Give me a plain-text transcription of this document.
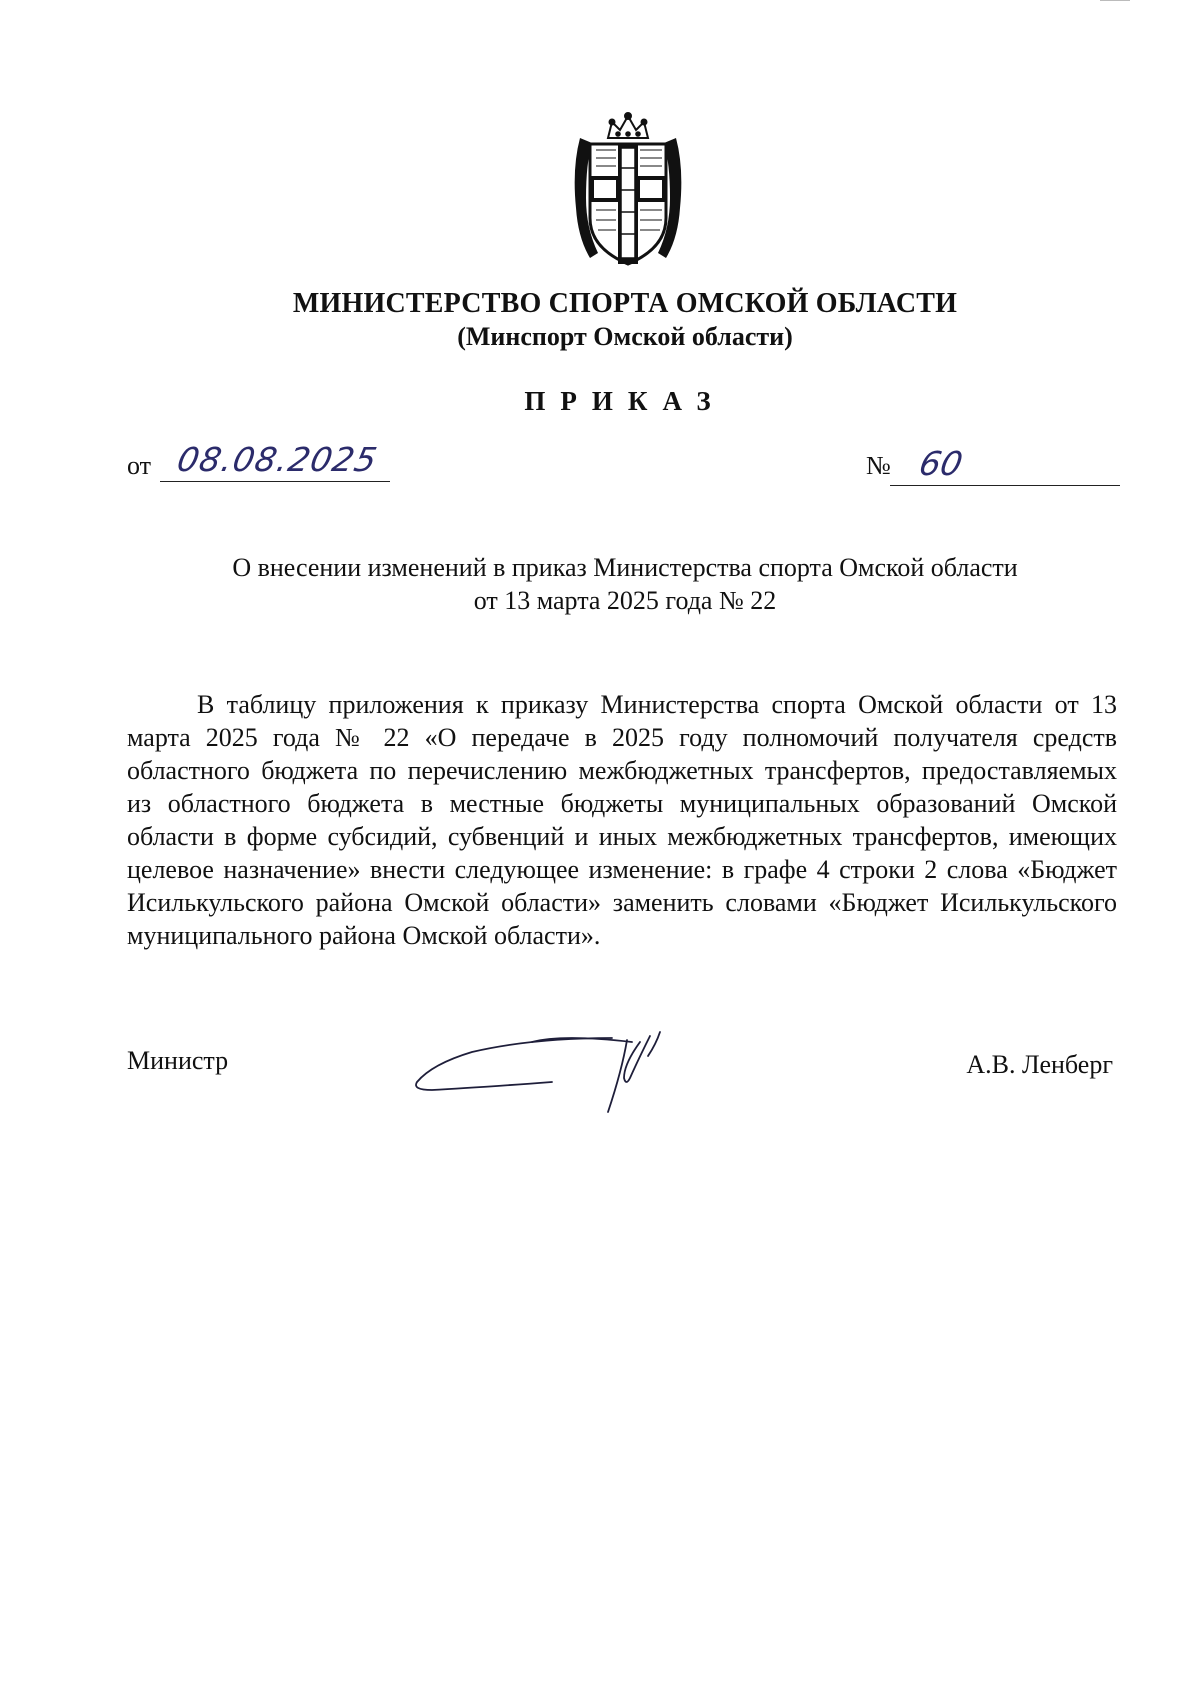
МИНИСТЕРСТВО СПОРТА ОМСКОЙ ОБЛАСТИ
(Минспорт Омской области)
ПРИКАЗ
от 08.08.2025	№ 60
О внесении изменений в приказ Министерства спорта Омской области
от 13 марта 2025 года № 22

В таблицу приложения к приказу Министерства спорта Омской области от 13 марта 2025 года № 22 «О передаче в 2025 году полномочий получателя средств областного бюджета по перечислению межбюджетных трансфертов, предоставляемых из областного бюджета в местные бюджеты муниципальных образований Омской области в форме субсидий, субвенций и иных межбюджетных трансфертов, имеющих целевое назначение» внести следующее изменение: в графе 4 строки 2 слова «Бюджет Исилькульского района Омской области» заменить словами «Бюджет Исилькульского муниципального района Омской области».

Министр	А.В. Ленберг
